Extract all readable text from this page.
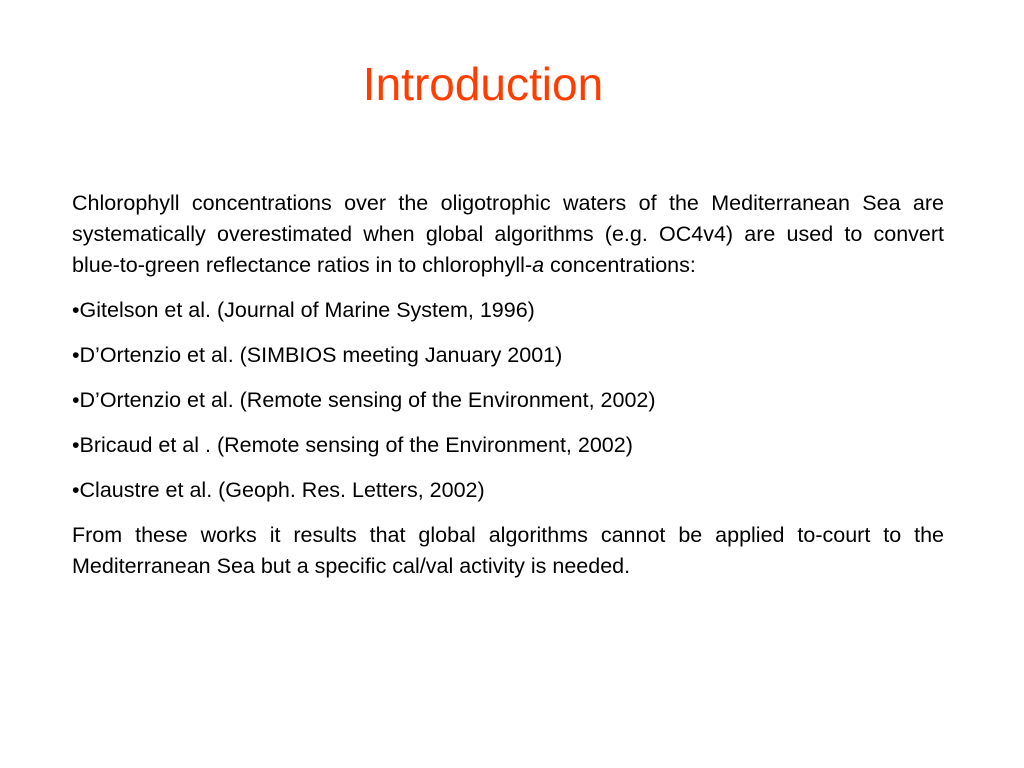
Introduction

Chlorophyll concentrations over the oligotrophic waters of the Mediterranean Sea are systematically overestimated when global algorithms (e.g. OC4v4) are used to convert blue-to-green reflectance ratios in to chlorophyll-a concentrations:

•Gitelson et al. (Journal of Marine System, 1996)

•D’Ortenzio et al. (SIMBIOS meeting January 2001)

•D’Ortenzio et al. (Remote sensing of the Environment, 2002)

•Bricaud et al . (Remote sensing of the Environment, 2002)

•Claustre et al. (Geoph. Res. Letters, 2002)

From these works it results that global algorithms cannot be applied to-court to the Mediterranean Sea but a specific cal/val activity is needed.
